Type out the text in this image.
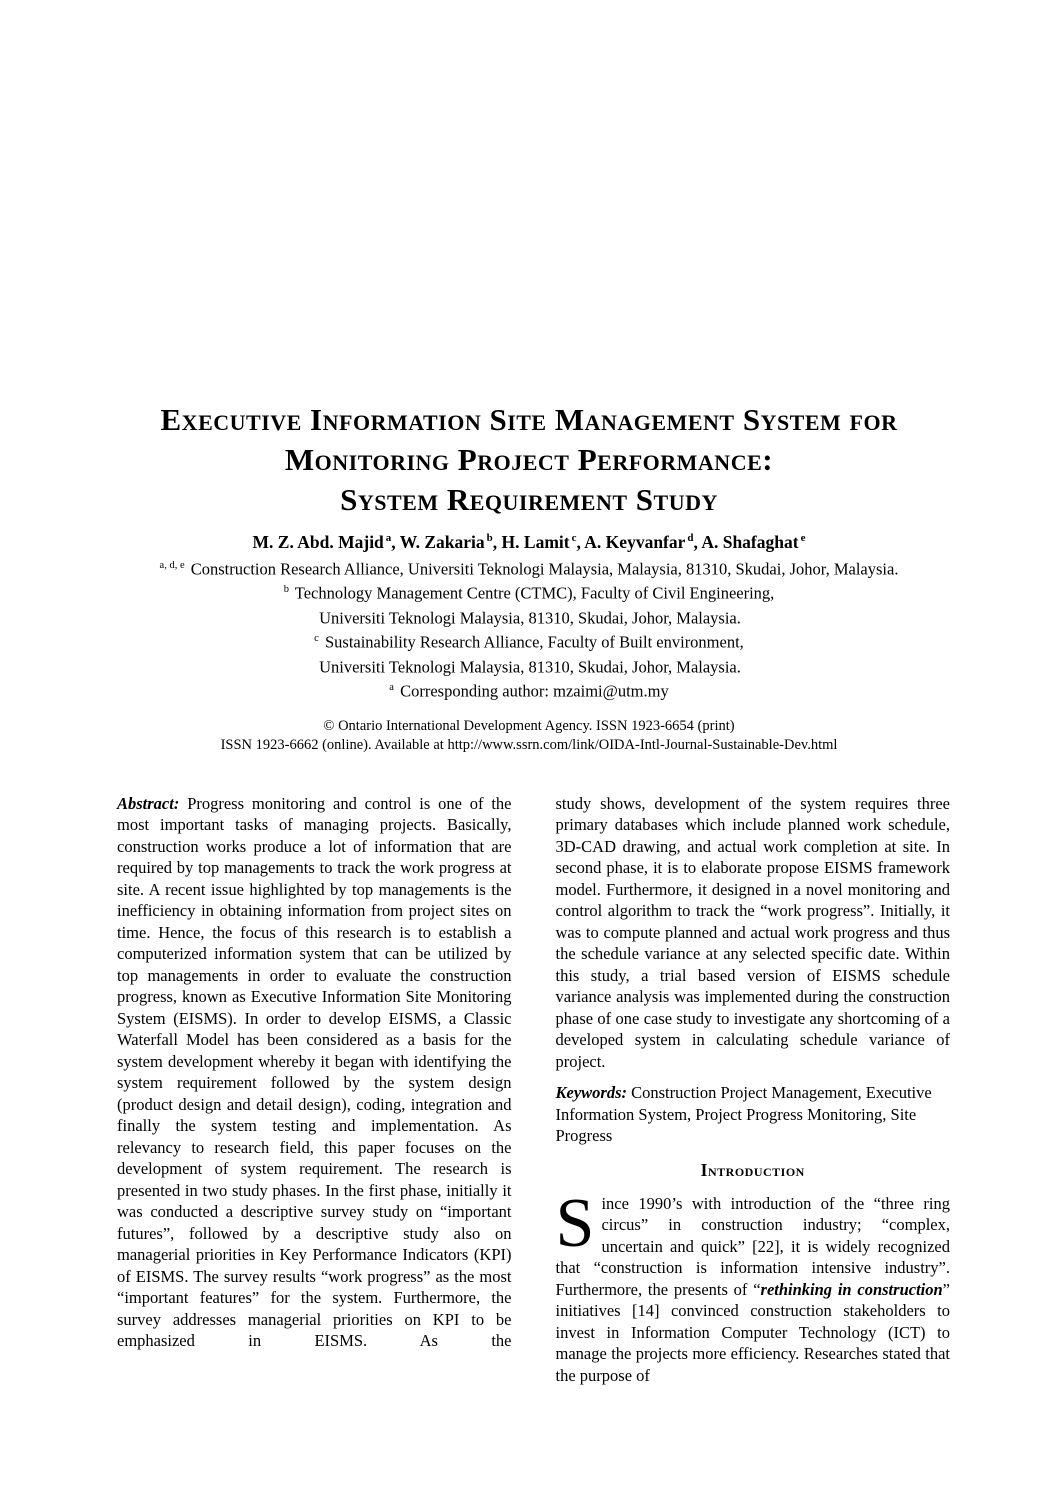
Executive Information Site Management System for
Monitoring Project Performance:
System Requirement Study
M. Z. Abd. Majid $^a$, W. Zakaria $^b$, H. Lamit $^c$, A. Keyvanfar $^d$, A. Shafaghat $^e$
$^{a, d, e}$ Construction Research Alliance, Universiti Teknologi Malaysia, Malaysia, 81310, Skudai, Johor, Malaysia.
$^b$ Technology Management Centre (CTMC), Faculty of Civil Engineering,
Universiti Teknologi Malaysia, 81310, Skudai, Johor, Malaysia.
$^c$ Sustainability Research Alliance, Faculty of Built environment,
Universiti Teknologi Malaysia, 81310, Skudai, Johor, Malaysia.
$^a$ Corresponding author: mzaimi@utm.my
© Ontario International Development Agency. ISSN 1923-6654 (print)
ISSN 1923-6662 (online). Available at http://www.ssrn.com/link/OIDA-Intl-Journal-Sustainable-Dev.html

Abstract: Progress monitoring and control is one of the most important tasks of managing projects. Basically, construction works produce a lot of information that are required by top managements to track the work progress at site. A recent issue highlighted by top managements is the inefficiency in obtaining information from project sites on time. Hence, the focus of this research is to establish a computerized information system that can be utilized by top managements in order to evaluate the construction progress, known as Executive Information Site Monitoring System (EISMS). In order to develop EISMS, a Classic Waterfall Model has been considered as a basis for the system development whereby it began with identifying the system requirement followed by the system design (product design and detail design), coding, integration and finally the system testing and implementation. As relevancy to research field, this paper focuses on the development of system requirement. The research is presented in two study phases. In the first phase, initially it was conducted a descriptive survey study on “important futures”, followed by a descriptive study also on managerial priorities in Key Performance Indicators (KPI) of EISMS. The survey results “work progress” as the most “important features” for the system. Furthermore, the survey addresses managerial priorities on KPI to be emphasized in EISMS. As the

study shows, development of the system requires three primary databases which include planned work schedule, 3D-CAD drawing, and actual work completion at site. In second phase, it is to elaborate propose EISMS framework model. Furthermore, it designed in a novel monitoring and control algorithm to track the “work progress”. Initially, it was to compute planned and actual work progress and thus the schedule variance at any selected specific date. Within this study, a trial based version of EISMS schedule variance analysis was implemented during the construction phase of one case study to investigate any shortcoming of a developed system in calculating schedule variance of project.

Keywords: Construction Project Management, Executive Information System, Project Progress Monitoring, Site Progress

Introduction

Since 1990’s with introduction of the “three ring circus” in construction industry; “complex, uncertain and quick” [22], it is widely recognized that “construction is information intensive industry”. Furthermore, the presents of “rethinking in construction” initiatives [14] convinced construction stakeholders to invest in Information Computer Technology (ICT) to manage the projects more efficiency. Researches stated that the purpose of
